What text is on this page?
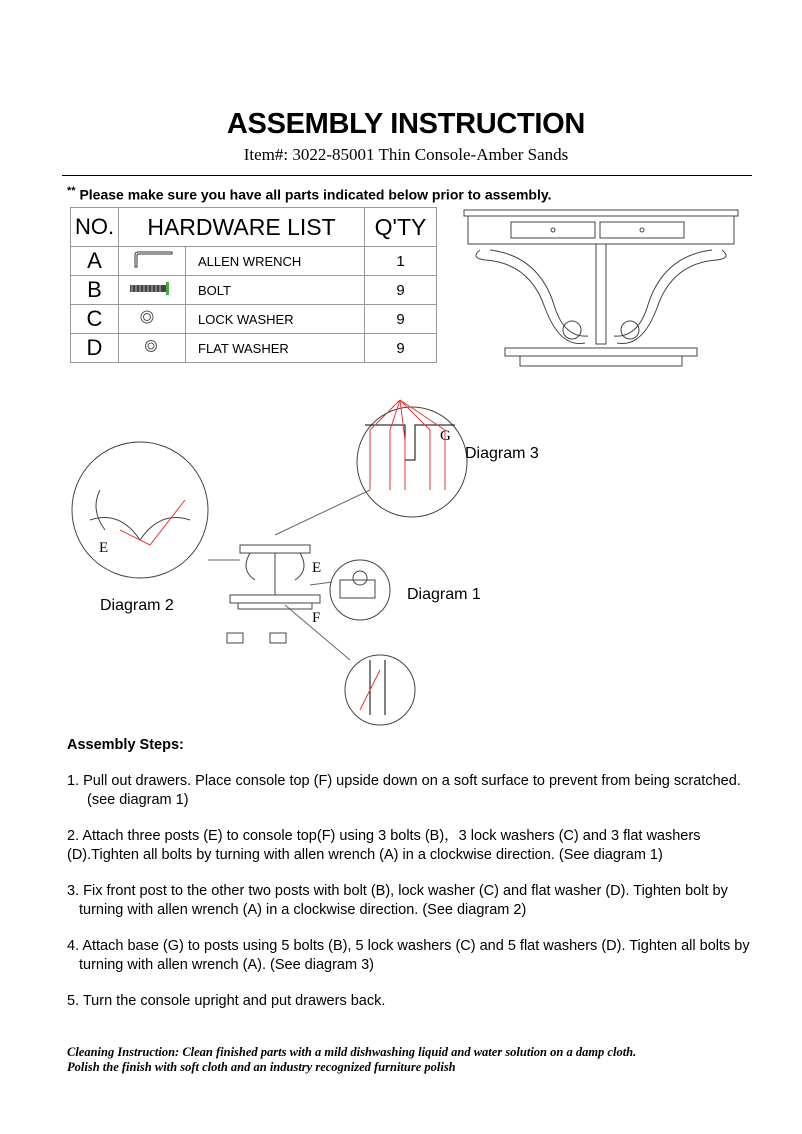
ASSEMBLY INSTRUCTION
Item#: 3022-85001 Thin Console-Amber Sands
** Please make sure you have all parts indicated below prior to assembly.
NO.	HARDWARE LIST		Q'TY
A		ALLEN WRENCH	1
B		BOLT	9
C		LOCK WASHER	9
D		FLAT WASHER	9
Diagram 3
Diagram 2
Diagram 1
G
E
E
F
Assembly Steps:

1. Pull out drawers. Place console top (F) upside down on a soft surface to prevent from being scratched. (see diagram 1)

2. Attach three posts (E) to console top(F) using 3 bolts (B)，3 lock washers (C) and 3 flat washers (D).Tighten all bolts by turning with allen wrench (A) in a clockwise direction. (See diagram 1)

3. Fix front post to the other two posts with bolt (B), lock washer (C) and flat washer (D). Tighten bolt by turning with allen wrench (A) in a clockwise direction. (See diagram 2)

4. Attach base (G) to posts using 5 bolts (B), 5 lock washers (C) and 5 flat washers (D). Tighten all bolts by turning with allen wrench (A). (See diagram 3)

5. Turn the console upright and put drawers back.

Cleaning Instruction: Clean finished parts with a mild dishwashing liquid and water solution on a damp cloth.
Polish the finish with soft cloth and an industry recognized furniture polish
